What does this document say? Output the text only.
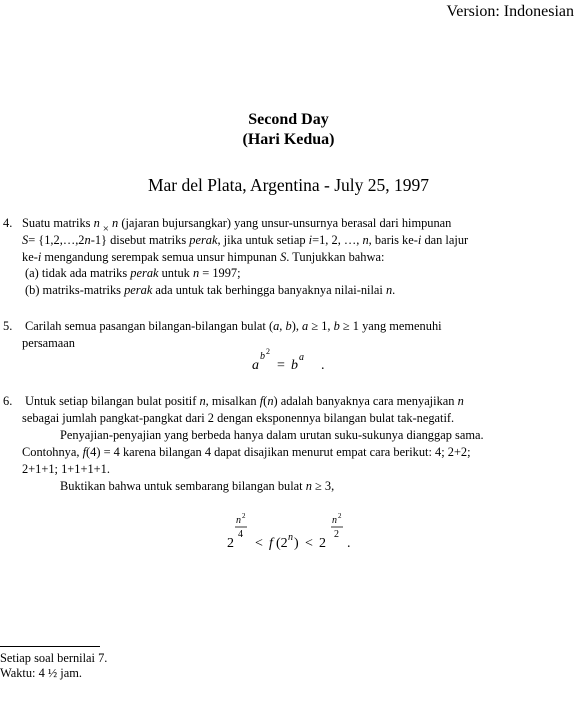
Version: Indonesian
Second Day
(Hari Kedua)
Mar del Plata, Argentina - July 25, 1997
4. Suatu matriks n × n (jajaran bujursangkar) yang unsur-unsurnya berasal dari himpunan
S= {1,2,…,2n-1} disebut matriks perak, jika untuk setiap i=1, 2, …, n, baris ke-i dan lajur
ke-i mengandung serempak semua unsur himpunan S. Tunjukkan bahwa:
(a) tidak ada matriks perak untuk n = 1997;
(b) matriks-matriks perak ada untuk tak berhingga banyaknya nilai-nilai n.
5. Carilah semua pasangan bilangan-bilangan bulat (a, b), a ≥ 1, b ≥ 1 yang memenuhi
persamaan
a
b 2
= b
a
.
6. Untuk setiap bilangan bulat positif n, misalkan f(n) adalah banyaknya cara menyajikan n
sebagai jumlah pangkat-pangkat dari 2 dengan eksponennya bilangan bulat tak-negatif.
Penyajian-penyajian yang berbeda hanya dalam urutan suku-sukunya dianggap sama.
Contohnya, f(4) = 4 karena bilangan 4 dapat disajikan menurut empat cara berikut: 4; 2+2;
2+1+1; 1+1+1+1.
Buktikan bahwa untuk sembarang bilangan bulat n ≥ 3,
2
n 2
4
< f (2 n ) < 2
n 2
2
.
Setiap soal bernilai 7.
Waktu: 4 ½ jam.
